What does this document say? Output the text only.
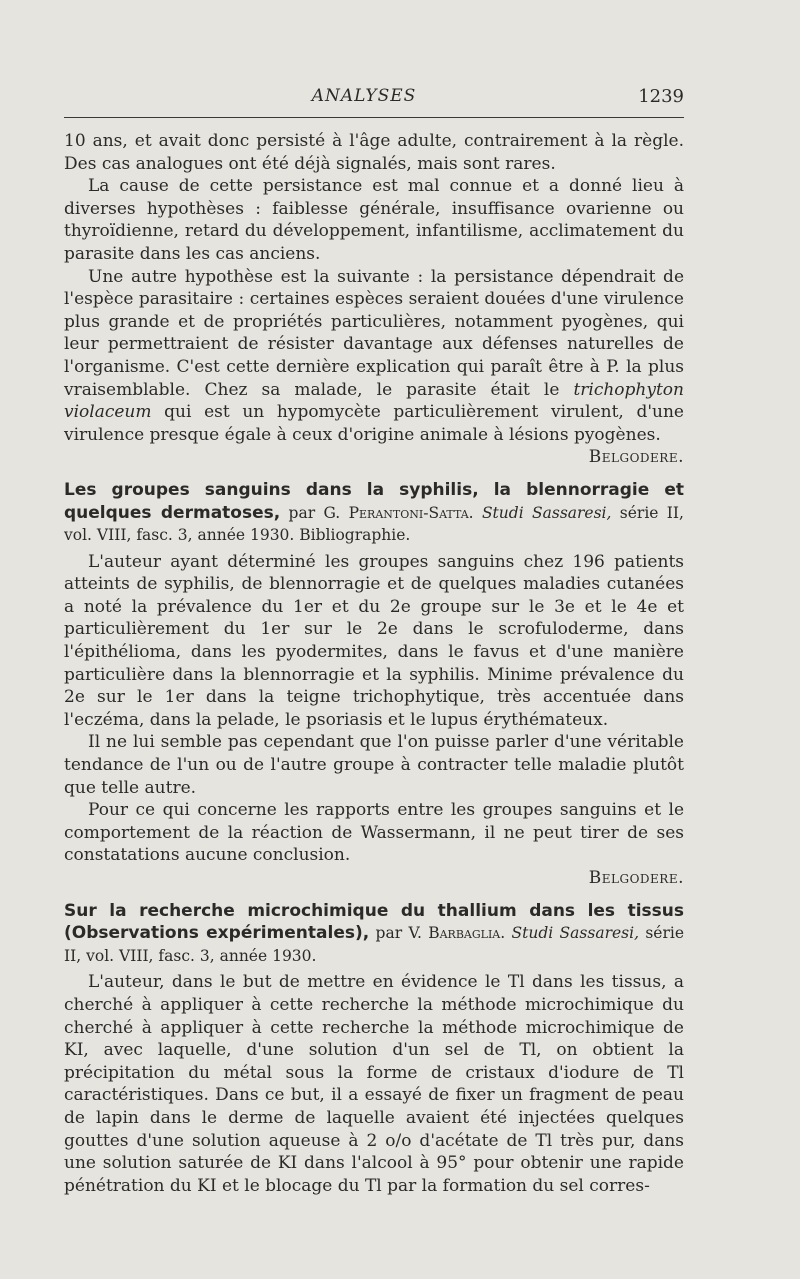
ANALYSES	1239

10 ans, et avait donc persisté à l'âge adulte, contrairement à la règle. Des cas analogues ont été déjà signalés, mais sont rares.

La cause de cette persistance est mal connue et a donné lieu à diverses hypothèses : faiblesse générale, insuffisance ovarienne ou thyroïdienne, retard du développement, infantilisme, acclimatement du parasite dans les cas anciens.

Une autre hypothèse est la suivante : la persistance dépendrait de l'espèce parasitaire : certaines espèces seraient douées d'une virulence plus grande et de propriétés particulières, notamment pyogènes, qui leur permettraient de résister davantage aux défenses naturelles de l'organisme. C'est cette dernière explication qui paraît être à P. la plus vraisemblable. Chez sa malade, le parasite était le trichophyton violaceum qui est un hypomycète particulièrement virulent, d'une virulence presque égale à ceux d'origine animale à lésions pyogènes.

Belgodere.

Les groupes sanguins dans la syphilis, la blennorragie et quelques dermatoses, par G. Perantoni-Satta. Studi Sassaresi, série II, vol. VIII, fasc. 3, année 1930. Bibliographie.

L'auteur ayant déterminé les groupes sanguins chez 196 patients atteints de syphilis, de blennorragie et de quelques maladies cutanées a noté la prévalence du 1er et du 2e groupe sur le 3e et le 4e et particulièrement du 1er sur le 2e dans le scrofuloderme, dans l'épithélioma, dans les pyodermites, dans le favus et d'une manière particulière dans la blennorragie et la syphilis. Minime prévalence du 2e sur le 1er dans la teigne trichophytique, très accentuée dans l'eczéma, dans la pelade, le psoriasis et le lupus érythémateux.

Il ne lui semble pas cependant que l'on puisse parler d'une véritable tendance de l'un ou de l'autre groupe à contracter telle maladie plutôt que telle autre.

Pour ce qui concerne les rapports entre les groupes sanguins et le comportement de la réaction de Wassermann, il ne peut tirer de ses constatations aucune conclusion.

Belgodere.

Sur la recherche microchimique du thallium dans les tissus (Observations expérimentales), par V. Barbaglia. Studi Sassaresi, série II, vol. VIII, fasc. 3, année 1930.

L'auteur, dans le but de mettre en évidence le Tl dans les tissus, a cherché à appliquer à cette recherche la méthode microchimique du cherché à appliquer à cette recherche la méthode microchimique de KI, avec laquelle, d'une solution d'un sel de Tl, on obtient la précipitation du métal sous la forme de cristaux d'iodure de Tl caractéristiques. Dans ce but, il a essayé de fixer un fragment de peau de lapin dans le derme de laquelle avaient été injectées quelques gouttes d'une solution aqueuse à 2 o/o d'acétate de Tl très pur, dans une solution saturée de KI dans l'alcool à 95° pour obtenir une rapide pénétration du KI et le blocage du Tl par la formation du sel corres-
